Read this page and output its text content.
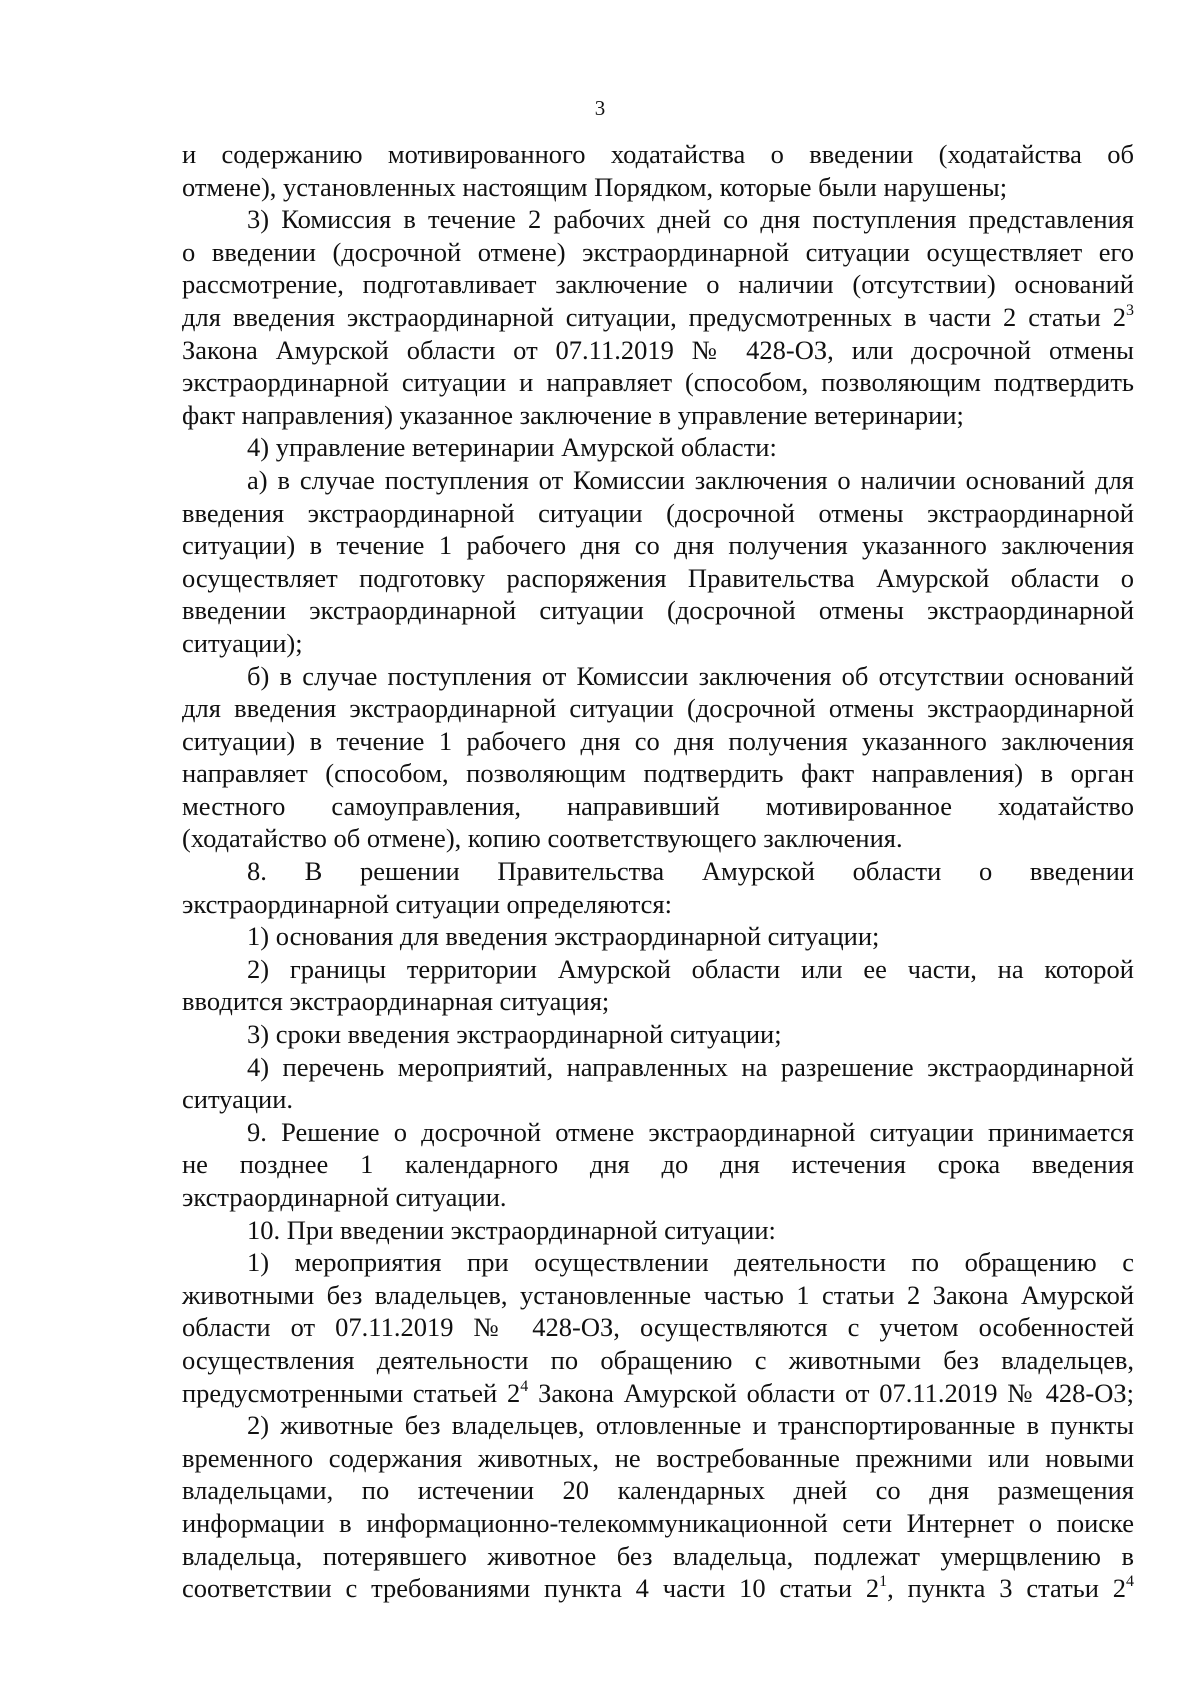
3
и содержанию мотивированного ходатайства о введении (ходатайства об
отмене), установленных настоящим Порядком, которые были нарушены;
3) Комиссия в течение 2 рабочих дней со дня поступления представления
о введении (досрочной отмене) экстраординарной ситуации осуществляет его
рассмотрение, подготавливает заключение о наличии (отсутствии) оснований
для введения экстраординарной ситуации, предусмотренных в части 2 статьи $2^3$
Закона Амурской области от 07.11.2019 № 428-ОЗ, или досрочной отмены
экстраординарной ситуации и направляет (способом, позволяющим подтвердить
факт направления) указанное заключение в управление ветеринарии;
4) управление ветеринарии Амурской области:
а) в случае поступления от Комиссии заключения о наличии оснований для
введения экстраординарной ситуации (досрочной отмены экстраординарной
ситуации) в течение 1 рабочего дня со дня получения указанного заключения
осуществляет подготовку распоряжения Правительства Амурской области о
введении экстраординарной ситуации (досрочной отмены экстраординарной
ситуации);
б) в случае поступления от Комиссии заключения об отсутствии оснований
для введения экстраординарной ситуации (досрочной отмены экстраординарной
ситуации) в течение 1 рабочего дня со дня получения указанного заключения
направляет (способом, позволяющим подтвердить факт направления) в орган
местного самоуправления, направивший мотивированное ходатайство
(ходатайство об отмене), копию соответствующего заключения.
8. В решении Правительства Амурской области о введении
экстраординарной ситуации определяются:
1) основания для введения экстраординарной ситуации;
2) границы территории Амурской области или ее части, на которой
вводится экстраординарная ситуация;
3) сроки введения экстраординарной ситуации;
4) перечень мероприятий, направленных на разрешение экстраординарной
ситуации.
9. Решение о досрочной отмене экстраординарной ситуации принимается
не позднее 1 календарного дня до дня истечения срока введения
экстраординарной ситуации.
10. При введении экстраординарной ситуации:
1) мероприятия при осуществлении деятельности по обращению с
животными без владельцев, установленные частью 1 статьи 2 Закона Амурской
области от 07.11.2019 № 428-ОЗ, осуществляются с учетом особенностей
осуществления деятельности по обращению с животными без владельцев,
предусмотренными статьей $2^4$ Закона Амурской области от 07.11.2019 № 428-ОЗ;
2) животные без владельцев, отловленные и транспортированные в пункты
временного содержания животных, не востребованные прежними или новыми
владельцами, по истечении 20 календарных дней со дня размещения
информации в информационно-телекоммуникационной сети Интернет о поиске
владельца, потерявшего животное без владельца, подлежат умерщвлению в
соответствии с требованиями пункта 4 части 10 статьи $2^1$, пункта 3 статьи $2^4$
